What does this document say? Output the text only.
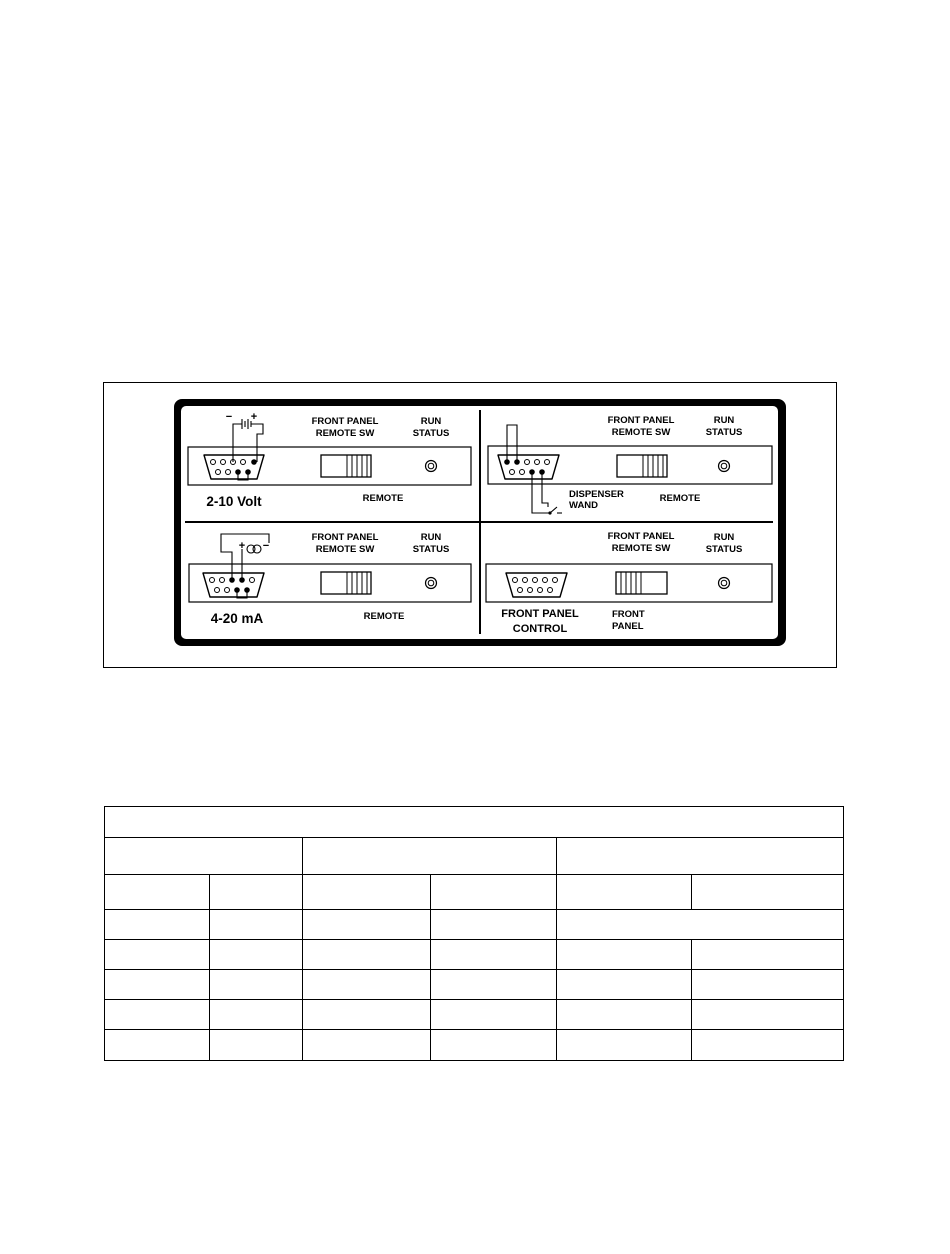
FRONT PANEL
REMOTE SW
RUN
STATUS
− +
REMOTE
2-10 Volt
FRONT PANEL
REMOTE SW
RUN
STATUS
DISPENSER
WAND
REMOTE
FRONT PANEL
REMOTE SW
RUN
STATUS
+ −
REMOTE
4-20 mA
FRONT PANEL
REMOTE SW
RUN
STATUS
FRONT
PANEL
FRONT PANEL
CONTROL
